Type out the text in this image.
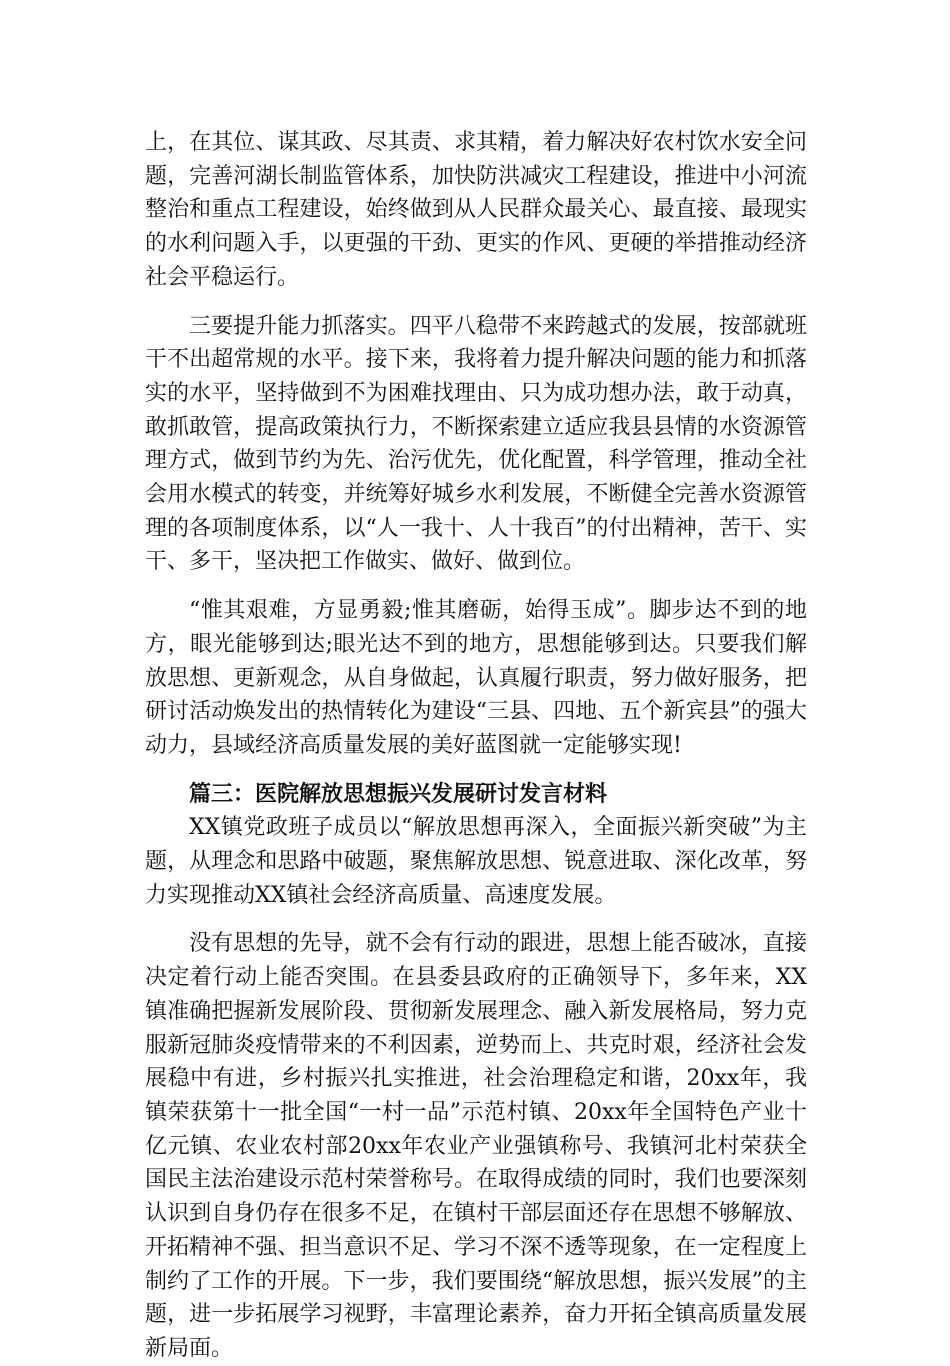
上，在其位、谋其政、尽其责、求其精，着力解决好农村饮水安全问题，完善河湖长制监管体系，加快防洪减灾工程建设，推进中小河流整治和重点工程建设，始终做到从人民群众最关心、最直接、最现实的水利问题入手，以更强的干劲、更实的作风、更硬的举措推动经济社会平稳运行。

三要提升能力抓落实。四平八稳带不来跨越式的发展，按部就班干不出超常规的水平。接下来，我将着力提升解决问题的能力和抓落实的水平，坚持做到不为困难找理由、只为成功想办法，敢于动真，敢抓敢管，提高政策执行力，不断探索建立适应我县县情的水资源管理方式，做到节约为先、治污优先，优化配置，科学管理，推动全社会用水模式的转变，并统筹好城乡水利发展，不断健全完善水资源管理的各项制度体系，以“人一我十、人十我百”的付出精神，苦干、实干、多干，坚决把工作做实、做好、做到位。

“惟其艰难，方显勇毅;惟其磨砺，始得玉成”。脚步达不到的地方，眼光能够到达;眼光达不到的地方，思想能够到达。只要我们解放思想、更新观念，从自身做起，认真履行职责，努力做好服务，把研讨活动焕发出的热情转化为建设“三县、四地、五个新宾县”的强大动力，县域经济高质量发展的美好蓝图就一定能够实现!

篇三：医院解放思想振兴发展研讨发言材料

XX镇党政班子成员以“解放思想再深入，全面振兴新突破”为主题，从理念和思路中破题，聚焦解放思想、锐意进取、深化改革，努力实现推动XX镇社会经济高质量、高速度发展。

没有思想的先导，就不会有行动的跟进，思想上能否破冰，直接决定着行动上能否突围。在县委县政府的正确领导下，多年来，XX镇准确把握新发展阶段、贯彻新发展理念、融入新发展格局，努力克服新冠肺炎疫情带来的不利因素，逆势而上、共克时艰，经济社会发展稳中有进，乡村振兴扎实推进，社会治理稳定和谐，20xx年，我镇荣获第十一批全国“一村一品”示范村镇、20xx年全国特色产业十亿元镇、农业农村部20xx年农业产业强镇称号、我镇河北村荣获全国民主法治建设示范村荣誉称号。在取得成绩的同时，我们也要深刻认识到自身仍存在很多不足，在镇村干部层面还存在思想不够解放、开拓精神不强、担当意识不足、学习不深不透等现象，在一定程度上制约了工作的开展。下一步，我们要围绕“解放思想，振兴发展”的主题，进一步拓展学习视野，丰富理论素养，奋力开拓全镇高质量发展新局面。
